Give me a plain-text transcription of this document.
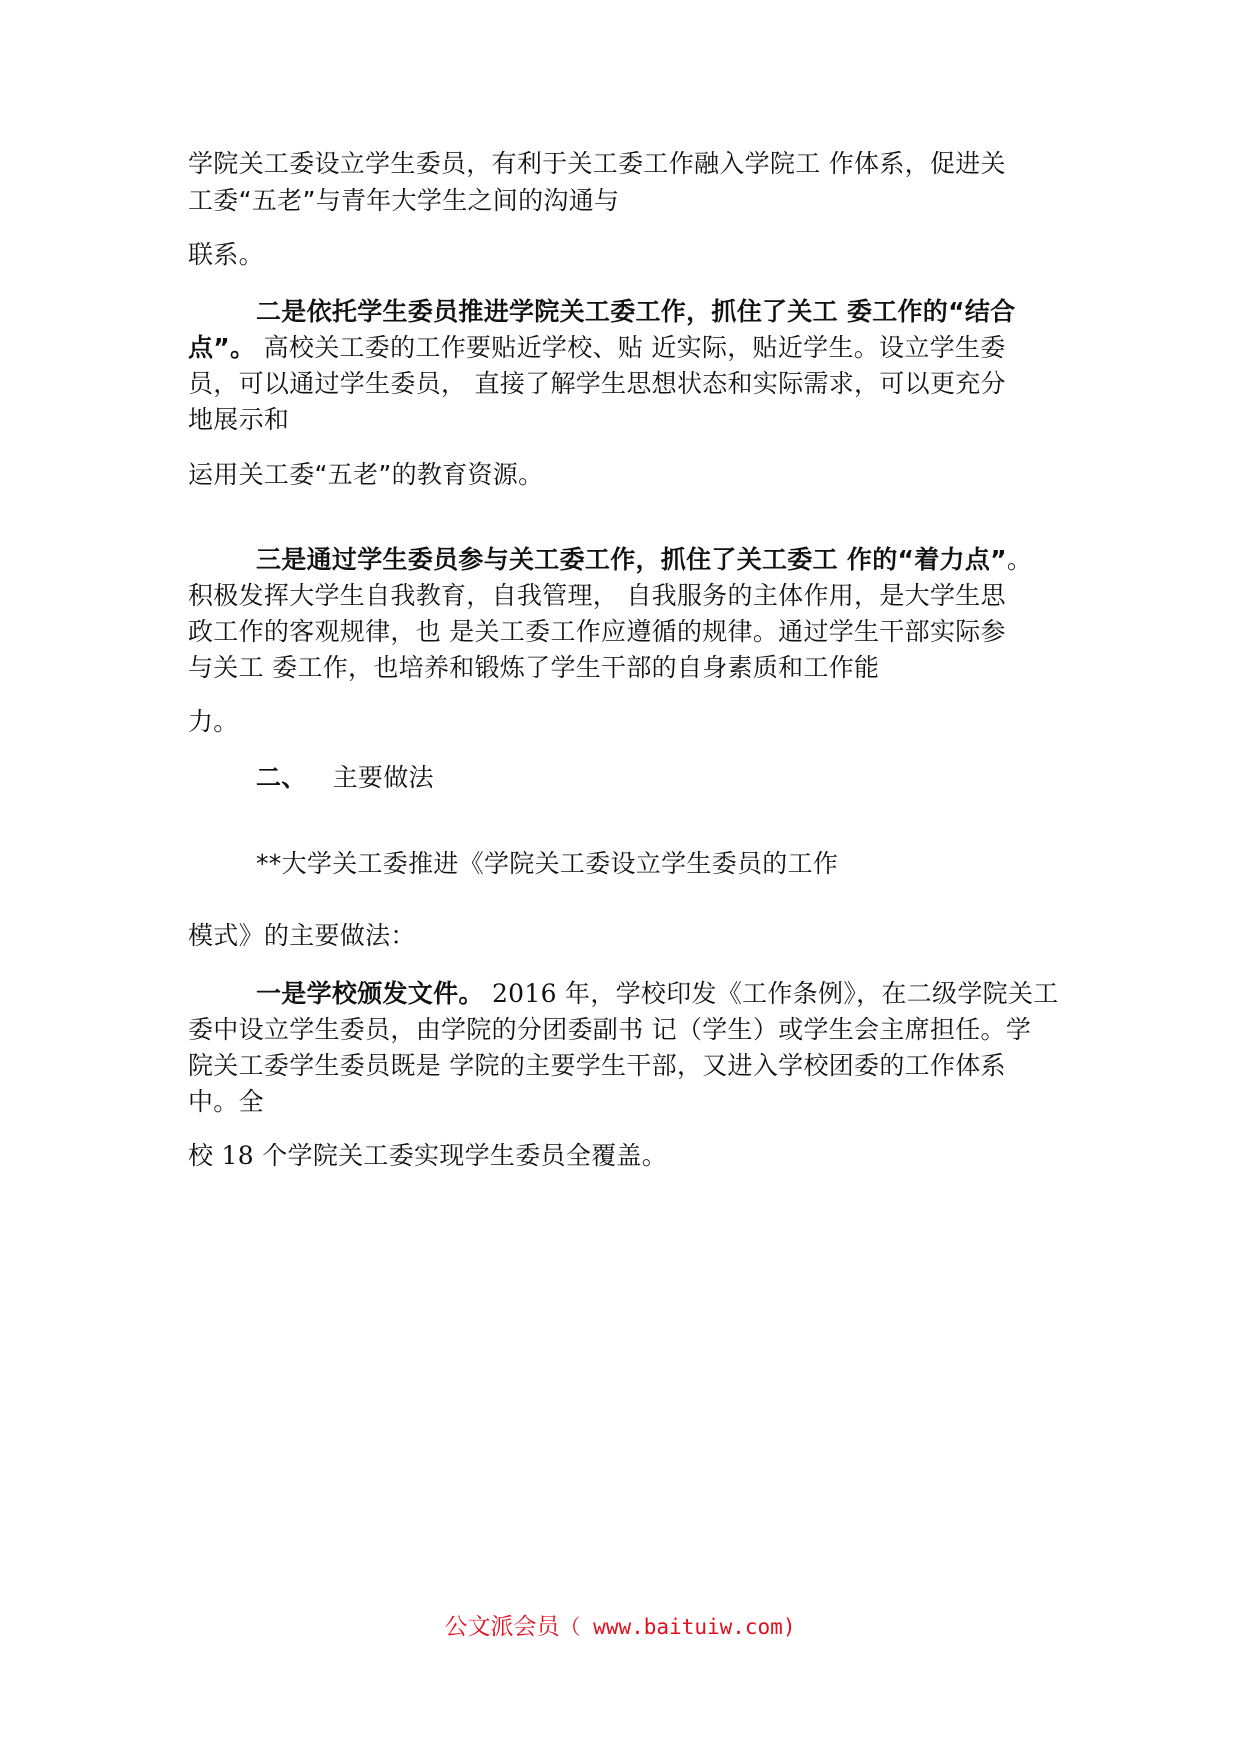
学院关工委设立学生委员，有利于关工委工作融入学院工 作体系，促进关
工委“五老”与青年大学生之间的沟通与
联系。
二是依托学生委员推进学院关工委工作，抓住了关工 委工作的“结合
点”。 高校关工委的工作要贴近学校、贴 近实际，贴近学生。设立学生委
员，可以通过学生委员， 直接了解学生思想状态和实际需求，可以更充分
地展示和
运用关工委“五老”的教育资源。
三是通过学生委员参与关工委工作，抓住了关工委工 作的“着力点”。
积极发挥大学生自我教育，自我管理， 自我服务的主体作用，是大学生思
政工作的客观规律，也 是关工委工作应遵循的规律。通过学生干部实际参
与关工 委工作，也培养和锻炼了学生干部的自身素质和工作能
力。
二、 主要做法
**大学关工委推进《学院关工委设立学生委员的工作
模式》的主要做法：
一是学校颁发文件。 2016 年，学校印发《工作条例》，在二级学院关工
委中设立学生委员，由学院的分团委副书 记（学生）或学生会主席担任。学
院关工委学生委员既是 学院的主要学生干部，又进入学校团委的工作体系
中。全
校 18 个学院关工委实现学生委员全覆盖。
公文派会员（ www.baituiw.com)
